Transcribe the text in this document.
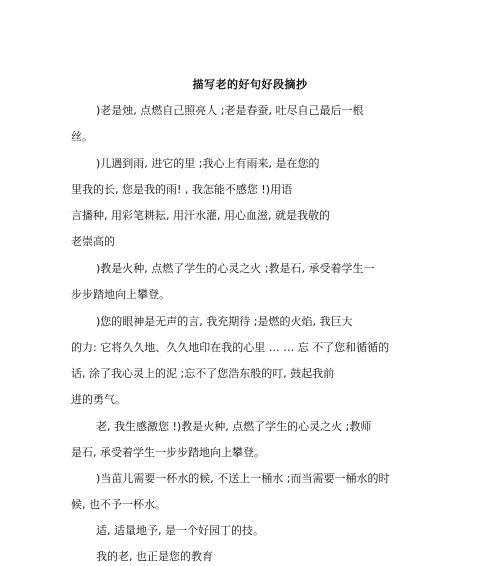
描写老的好句好段摘抄
)老是烛, 点燃自己照亮人 ;老是春蚕, 吐尽自己最后一根
丝。
)儿遇到雨, 进它的里 ;我心上有雨来, 是在您的
里我的长, 您是我的雨! , 我怎能不感您 !)用语
言播种, 用彩笔耕耘, 用汗水灌, 用心血滋, 就是我敬的
老崇高的
)教是火种, 点燃了学生的心灵之火 ;教是石, 承受着学生一
步步踏地向上攀登。
)您的眼神是无声的言, 我充期待 ;是燃的火焰, 我巨大
的力: 它将久久地、久久地印在我的心里 … … 忘 不了您和循循的
话, 涂了我心灵上的泥 ;忘不了您浩东般的叮, 鼓起我前
进的勇气。
老, 我生感激您 !)教是火种, 点燃了学生的心灵之火 ;教师
是石, 承受着学生一步步踏地向上攀登。
)当苗儿需要一杯水的候, 不送上一桶水 ;而当需要一桶水的时
候, 也不予一杯水。
适, 适量地予, 是一个好园丁的技。
我的老, 也正是您的教育
